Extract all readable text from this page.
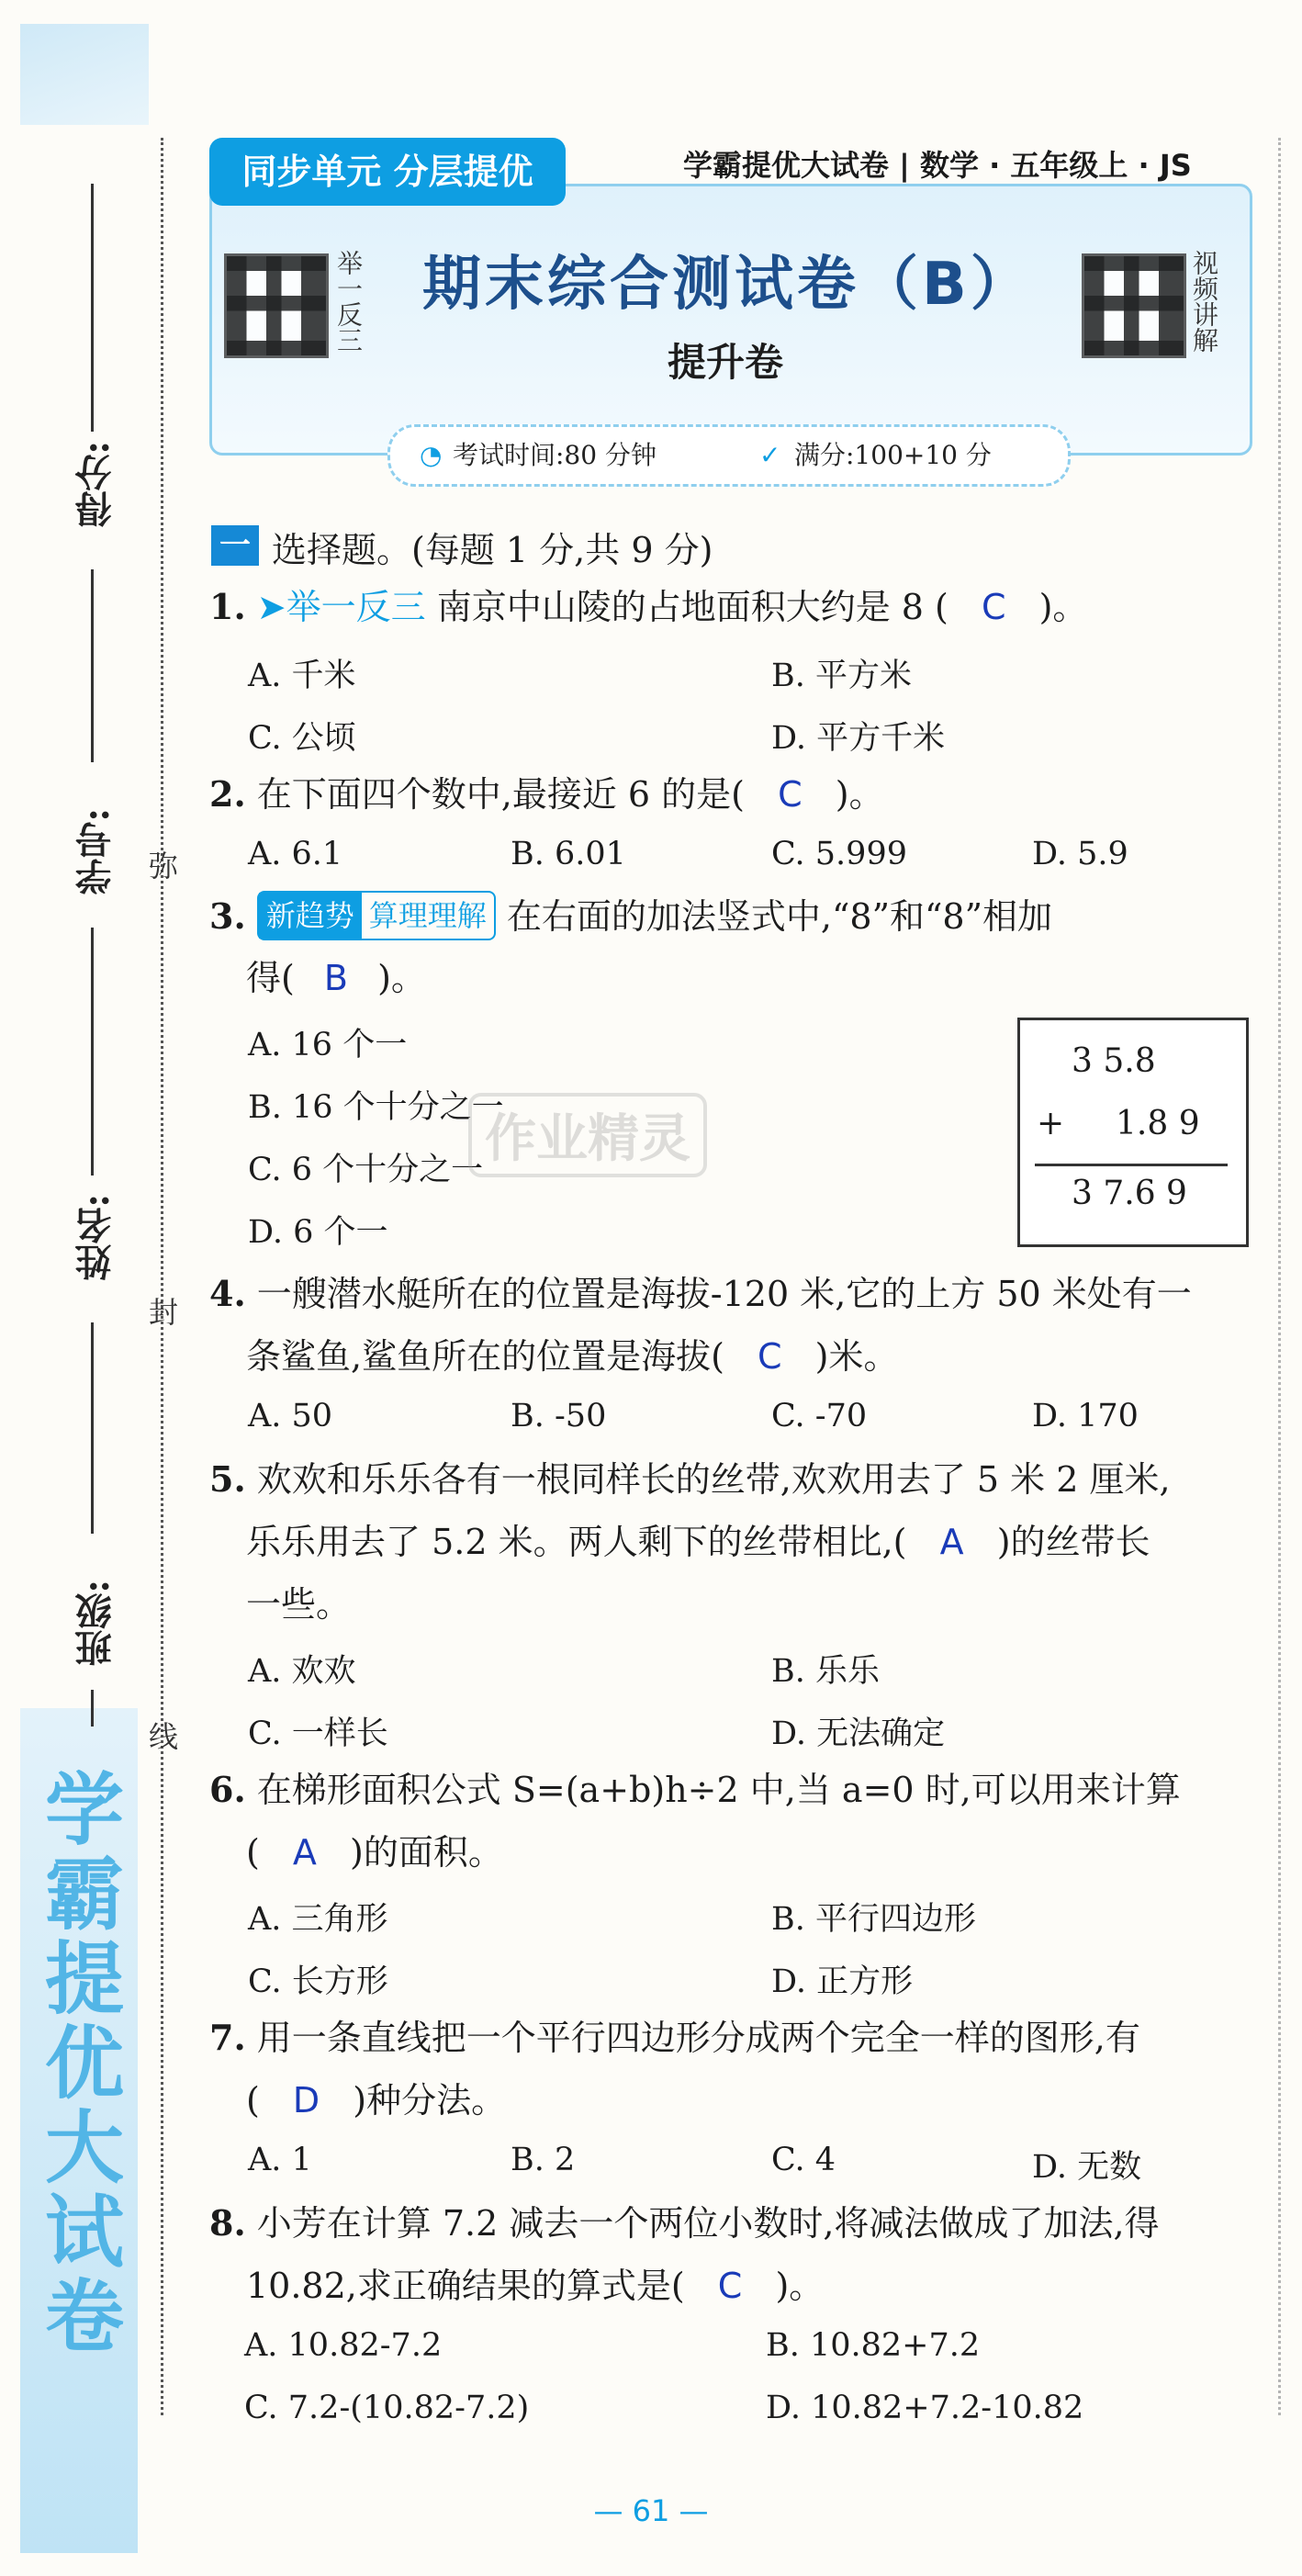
学霸提优大试卷
得分:
学号:
姓名:
班级:
弥
封
线
同步单元 分层提优	学霸提优大试卷 | 数学 · 五年级上 · JS
举一反三	视频讲解
期末综合测试卷（B）
提升卷
◔ 考试时间:80 分钟	✓ 满分:100+10 分
一 选择题。(每题 1 分,共 9 分)
1. ➤举一反三 南京中山陵的占地面积大约是 8 ( C )。
A. 千米	B. 平方米
C. 公顷	D. 平方千米
2. 在下面四个数中,最接近 6 的是( C )。
A. 6.1	B. 6.01	C. 5.999	D. 5.9
3. 新趋势 算理理解 在右面的加法竖式中,“8”和“8”相加
得( B )。
A. 16 个一
B. 16 个十分之一
C. 6 个十分之一
D. 6 个一
3 5.8
+ 1.8 9
3 7.6 9
作业精灵
4. 一艘潜水艇所在的位置是海拔-120 米,它的上方 50 米处有一
条鲨鱼,鲨鱼所在的位置是海拔( C )米。
A. 50	B. -50	C. -70	D. 170
5. 欢欢和乐乐各有一根同样长的丝带,欢欢用去了 5 米 2 厘米,
乐乐用去了 5.2 米。两人剩下的丝带相比,( A )的丝带长
一些。
A. 欢欢	B. 乐乐
C. 一样长	D. 无法确定
6. 在梯形面积公式 S=(a+b)h÷2 中,当 a=0 时,可以用来计算
( A )的面积。
A. 三角形	B. 平行四边形
C. 长方形	D. 正方形
7. 用一条直线把一个平行四边形分成两个完全一样的图形,有
( D )种分法。
A. 1	B. 2	C. 4	D. 无数
8. 小芳在计算 7.2 减去一个两位小数时,将减法做成了加法,得
10.82,求正确结果的算式是( C )。
A. 10.82-7.2	B. 10.82+7.2
C. 7.2-(10.82-7.2)	D. 10.82+7.2-10.82
— 61 —
